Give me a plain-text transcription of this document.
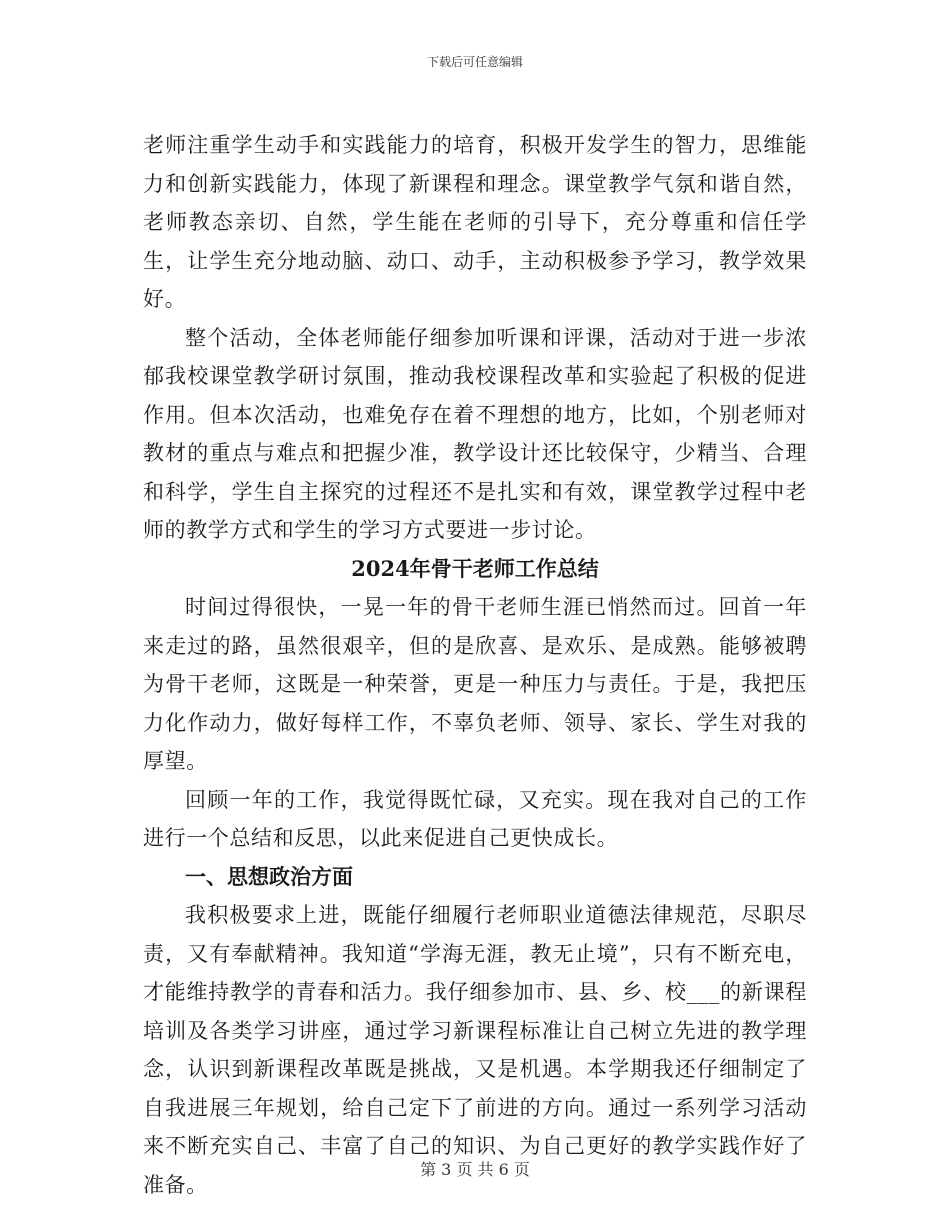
下载后可任意编辑

老师注重学生动手和实践能力的培育，积极开发学生的智力，思维能力和创新实践能力，体现了新课程和理念。课堂教学气氛和谐自然，老师教态亲切、自然，学生能在老师的引导下，充分尊重和信任学生，让学生充分地动脑、动口、动手，主动积极参予学习，教学效果好。

整个活动，全体老师能仔细参加听课和评课，活动对于进一步浓郁我校课堂教学研讨氛围，推动我校课程改革和实验起了积极的促进作用。但本次活动，也难免存在着不理想的地方，比如，个别老师对教材的重点与难点和把握少准，教学设计还比较保守，少精当、合理和科学，学生自主探究的过程还不是扎实和有效，课堂教学过程中老师的教学方式和学生的学习方式要进一步讨论。

2024年骨干老师工作总结

时间过得很快，一晃一年的骨干老师生涯已悄然而过。回首一年来走过的路，虽然很艰辛，但的是欣喜、是欢乐、是成熟。能够被聘为骨干老师，这既是一种荣誉，更是一种压力与责任。于是，我把压力化作动力，做好每样工作，不辜负老师、领导、家长、学生对我的厚望。

回顾一年的工作，我觉得既忙碌，又充实。现在我对自己的工作进行一个总结和反思，以此来促进自己更快成长。

一、思想政治方面

我积极要求上进，既能仔细履行老师职业道德法律规范，尽职尽责，又有奉献精神。我知道“学海无涯，教无止境”，只有不断充电，才能维持教学的青春和活力。我仔细参加市、县、乡、校___的新课程培训及各类学习讲座，通过学习新课程标准让自己树立先进的教学理念，认识到新课程改革既是挑战，又是机遇。本学期我还仔细制定了自我进展三年规划，给自己定下了前进的方向。通过一系列学习活动来不断充实自己、丰富了自己的知识、为自己更好的教学实践作好了准备。

第 3 页 共 6 页
